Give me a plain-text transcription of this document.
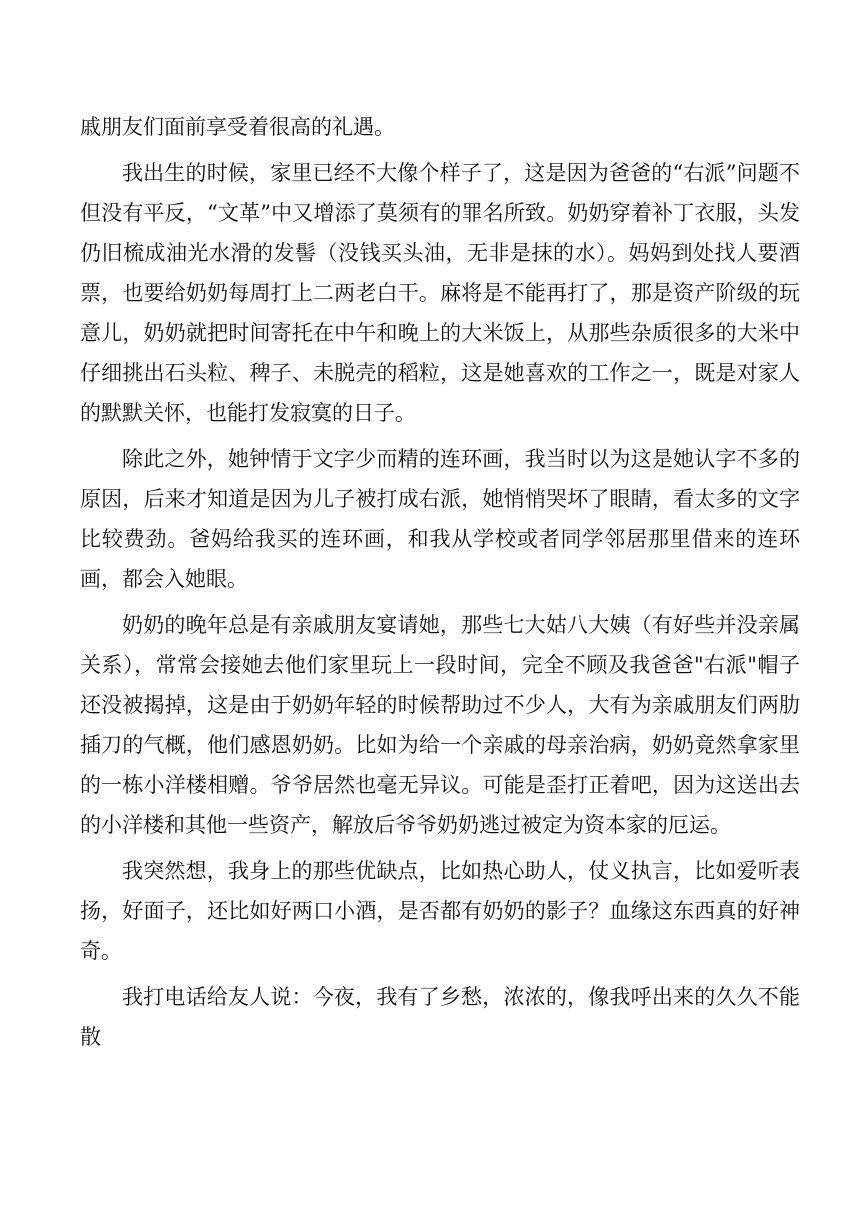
戚朋友们面前享受着很高的礼遇。

我出生的时候，家里已经不大像个样子了，这是因为爸爸的“右派”问题不但没有平反，“文革”中又增添了莫须有的罪名所致。奶奶穿着补丁衣服，头发仍旧梳成油光水滑的发髻（没钱买头油，无非是抹的水）。妈妈到处找人要酒票，也要给奶奶每周打上二两老白干。麻将是不能再打了，那是资产阶级的玩意儿，奶奶就把时间寄托在中午和晚上的大米饭上，从那些杂质很多的大米中仔细挑出石头粒、稗子、未脱壳的稻粒，这是她喜欢的工作之一，既是对家人的默默关怀，也能打发寂寞的日子。

除此之外，她钟情于文字少而精的连环画，我当时以为这是她认字不多的原因，后来才知道是因为儿子被打成右派，她悄悄哭坏了眼睛，看太多的文字比较费劲。爸妈给我买的连环画，和我从学校或者同学邻居那里借来的连环画，都会入她眼。

奶奶的晚年总是有亲戚朋友宴请她，那些七大姑八大姨（有好些并没亲属关系），常常会接她去他们家里玩上一段时间，完全不顾及我爸爸"右派"帽子还没被揭掉，这是由于奶奶年轻的时候帮助过不少人，大有为亲戚朋友们两肋插刀的气概，他们感恩奶奶。比如为给一个亲戚的母亲治病，奶奶竟然拿家里的一栋小洋楼相赠。爷爷居然也毫无异议。可能是歪打正着吧，因为这送出去的小洋楼和其他一些资产，解放后爷爷奶奶逃过被定为资本家的厄运。

我突然想，我身上的那些优缺点，比如热心助人，仗义执言，比如爱听表扬，好面子，还比如好两口小酒，是否都有奶奶的影子？血缘这东西真的好神奇。

我打电话给友人说：今夜，我有了乡愁，浓浓的，像我呼出来的久久不能散
